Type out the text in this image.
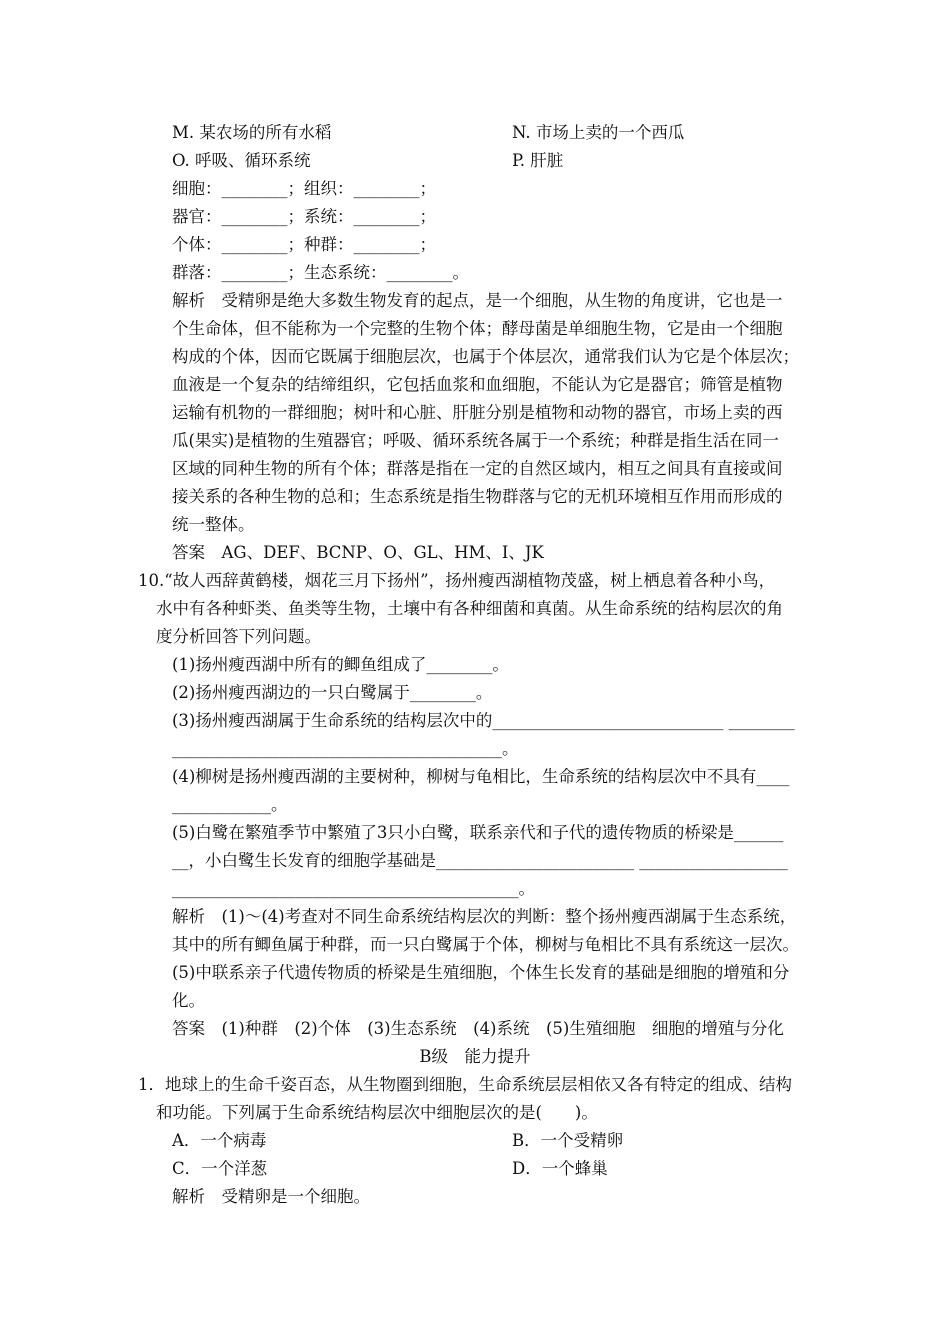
M. 某农场的所有水稻	N. 市场上卖的一个西瓜
O. 呼吸、循环系统	P. 肝脏
细胞：________；组织：________；
器官：________；系统：________；
个体：________；种群：________；
群落：________；生态系统：________。
解析　受精卵是绝大多数生物发育的起点，是一个细胞，从生物的角度讲，它也是一
个生命体，但不能称为一个完整的生物个体；酵母菌是单细胞生物，它是由一个细胞
构成的个体，因而它既属于细胞层次，也属于个体层次，通常我们认为它是个体层次；
血液是一个复杂的结缔组织，它包括血浆和血细胞，不能认为它是器官；筛管是植物
运输有机物的一群细胞；树叶和心脏、肝脏分别是植物和动物的器官，市场上卖的西
瓜(果实)是植物的生殖器官；呼吸、循环系统各属于一个系统；种群是指生活在同一
区域的同种生物的所有个体；群落是指在一定的自然区域内，相互之间具有直接或间
接关系的各种生物的总和；生态系统是指生物群落与它的无机环境相互作用而形成的
统一整体。
答案　AG、DEF、BCNP、O、GL、HM、I、JK
10.“故人西辞黄鹤楼，烟花三月下扬州”，扬州瘦西湖植物茂盛，树上栖息着各种小鸟，
水中有各种虾类、鱼类等生物，土壤中有各种细菌和真菌。从生命系统的结构层次的角
度分析回答下列问题。
(1)扬州瘦西湖中所有的鲫鱼组成了________。
(2)扬州瘦西湖边的一只白鹭属于________。
(3)扬州瘦西湖属于生命系统的结构层次中的____________________________ ________
________________________________________。
(4)柳树是扬州瘦西湖的主要树种，柳树与龟相比，生命系统的结构层次中不具有____
____________。
(5)白鹭在繁殖季节中繁殖了3只小白鹭，联系亲代和子代的遗传物质的桥梁是______
__，小白鹭生长发育的细胞学基础是________________________ __________________
__________________________________________。
解析　(1)～(4)考查对不同生命系统结构层次的判断：整个扬州瘦西湖属于生态系统，
其中的所有鲫鱼属于种群，而一只白鹭属于个体，柳树与龟相比不具有系统这一层次。
(5)中联系亲子代遗传物质的桥梁是生殖细胞，个体生长发育的基础是细胞的增殖和分
化。
答案　(1)种群　(2)个体　(3)生态系统　(4)系统　(5)生殖细胞　细胞的增殖与分化
B级　能力提升
1．地球上的生命千姿百态，从生物圈到细胞，生命系统层层相依又各有特定的组成、结构
和功能。下列属于生命系统结构层次中细胞层次的是(　　)。
A．一个病毒	B．一个受精卵
C．一个洋葱	D．一个蜂巢
解析　受精卵是一个细胞。
